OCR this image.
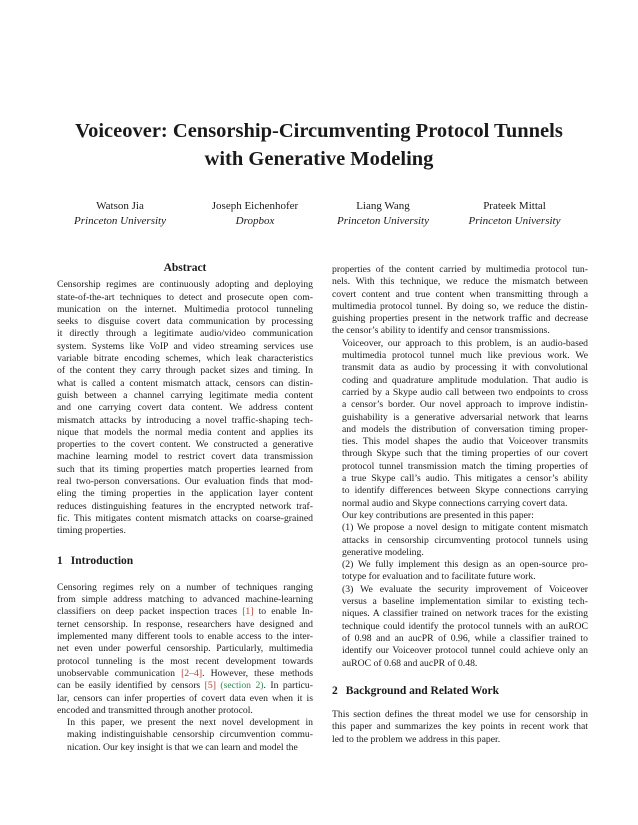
Voiceover: Censorship-Circumventing Protocol Tunnels
with Generative Modeling
Watson Jia
Princeton University
Joseph Eichenhofer
Dropbox
Liang Wang
Princeton University
Prateek Mittal
Princeton University
Abstract

Censorship regimes are continuously adopting and deploying
state-of-the-art techniques to detect and prosecute open com-
munication on the internet. Multimedia protocol tunneling
seeks to disguise covert data communication by processing
it directly through a legitimate audio/video communication
system. Systems like VoIP and video streaming services use
variable bitrate encoding schemes, which leak characteristics
of the content they carry through packet sizes and timing. In
what is called a content mismatch attack, censors can distin-
guish between a channel carrying legitimate media content
and one carrying covert data content. We address content
mismatch attacks by introducing a novel traffic-shaping tech-
nique that models the normal media content and applies its
properties to the covert content. We constructed a generative
machine learning model to restrict covert data transmission
such that its timing properties match properties learned from
real two-person conversations. Our evaluation finds that mod-
eling the timing properties in the application layer content
reduces distinguishing features in the encrypted network traf-
fic. This mitigates content mismatch attacks on coarse-grained
timing properties.

1 Introduction

Censoring regimes rely on a number of techniques ranging
from simple address matching to advanced machine-learning
classifiers on deep packet inspection traces [1] to enable In-
ternet censorship. In response, researchers have designed and
implemented many different tools to enable access to the inter-
net even under powerful censorship. Particularly, multimedia
protocol tunneling is the most recent development towards
unobservable communication [2–4]. However, these methods
can be easily identified by censors [5] (section 2). In particu-
lar, censors can infer properties of covert data even when it is
encoded and transmitted through another protocol.

In this paper, we present the next novel development in
making indistinguishable censorship circumvention commu-
nication. Our key insight is that we can learn and model the

properties of the content carried by multimedia protocol tun-
nels. With this technique, we reduce the mismatch between
covert content and true content when transmitting through a
multimedia protocol tunnel. By doing so, we reduce the distin-
guishing properties present in the network traffic and decrease
the censor’s ability to identify and censor transmissions.

Voiceover, our approach to this problem, is an audio-based
multimedia protocol tunnel much like previous work. We
transmit data as audio by processing it with convolutional
coding and quadrature amplitude modulation. That audio is
carried by a Skype audio call between two endpoints to cross
a censor’s border. Our novel approach to improve indistin-
guishability is a generative adversarial network that learns
and models the distribution of conversation timing proper-
ties. This model shapes the audio that Voiceover transmits
through Skype such that the timing properties of our covert
protocol tunnel transmission match the timing properties of
a true Skype call’s audio. This mitigates a censor’s ability
to identify differences between Skype connections carrying
normal audio and Skype connections carrying covert data.

Our key contributions are presented in this paper:

(1) We propose a novel design to mitigate content mismatch
attacks in censorship circumventing protocol tunnels using
generative modeling.

(2) We fully implement this design as an open-source pro-
totype for evaluation and to facilitate future work.

(3) We evaluate the security improvement of Voiceover
versus a baseline implementation similar to existing tech-
niques. A classifier trained on network traces for the existing
technique could identify the protocol tunnels with an auROC
of 0.98 and an aucPR of 0.96, while a classifier trained to
identify our Voiceover protocol tunnel could achieve only an
auROC of 0.68 and aucPR of 0.48.

2 Background and Related Work

This section defines the threat model we use for censorship in
this paper and summarizes the key points in recent work that
led to the problem we address in this paper.
